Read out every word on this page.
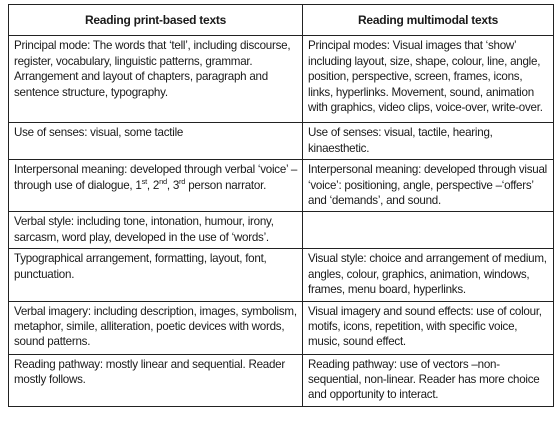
Reading print-based texts	Reading multimodal texts

Principal mode: The words that ‘tell’, including discourse, register, vocabulary, linguistic patterns, grammar. Arrangement and layout of chapters, paragraph and sentence structure, typography.	Principal modes: Visual images that ‘show’ including layout, size, shape, colour, line, angle, position, perspective, screen, frames, icons, links, hyperlinks. Movement, sound, animation with graphics, video clips, voice-over, write-over.

Use of senses: visual, some tactile	Use of senses: visual, tactile, hearing, kinaesthetic.

Interpersonal meaning: developed through verbal ‘voice’ –through use of dialogue, 1st, 2nd, 3rd person narrator.	Interpersonal meaning: developed through visual ‘voice’: positioning, angle, perspective –‘offers’ and ‘demands’, and sound.

Verbal style: including tone, intonation, humour, irony, sarcasm, word play, developed in the use of ‘words’.	

Typographical arrangement, formatting, layout, font, punctuation.	Visual style: choice and arrangement of medium, angles, colour, graphics, animation, windows, frames, menu board, hyperlinks.

Verbal imagery: including description, images, symbolism, metaphor, simile, alliteration, poetic devices with words, sound patterns.	Visual imagery and sound effects: use of colour, motifs, icons, repetition, with specific voice, music, sound effect.

Reading pathway: mostly linear and sequential. Reader mostly follows.	Reading pathway: use of vectors –non-sequential, non-linear. Reader has more choice and opportunity to interact.
